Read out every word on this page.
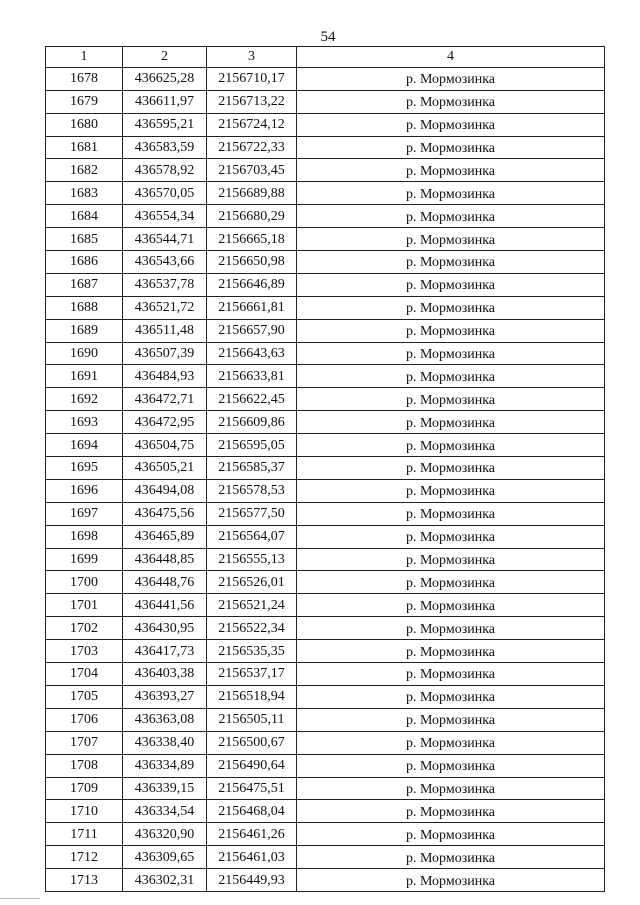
54
1	2	3	4
1678	436625,28	2156710,17	р. Мормозинка
1679	436611,97	2156713,22	р. Мормозинка
1680	436595,21	2156724,12	р. Мормозинка
1681	436583,59	2156722,33	р. Мормозинка
1682	436578,92	2156703,45	р. Мормозинка
1683	436570,05	2156689,88	р. Мормозинка
1684	436554,34	2156680,29	р. Мормозинка
1685	436544,71	2156665,18	р. Мормозинка
1686	436543,66	2156650,98	р. Мормозинка
1687	436537,78	2156646,89	р. Мормозинка
1688	436521,72	2156661,81	р. Мормозинка
1689	436511,48	2156657,90	р. Мормозинка
1690	436507,39	2156643,63	р. Мормозинка
1691	436484,93	2156633,81	р. Мормозинка
1692	436472,71	2156622,45	р. Мормозинка
1693	436472,95	2156609,86	р. Мормозинка
1694	436504,75	2156595,05	р. Мормозинка
1695	436505,21	2156585,37	р. Мормозинка
1696	436494,08	2156578,53	р. Мормозинка
1697	436475,56	2156577,50	р. Мормозинка
1698	436465,89	2156564,07	р. Мормозинка
1699	436448,85	2156555,13	р. Мормозинка
1700	436448,76	2156526,01	р. Мормозинка
1701	436441,56	2156521,24	р. Мормозинка
1702	436430,95	2156522,34	р. Мормозинка
1703	436417,73	2156535,35	р. Мормозинка
1704	436403,38	2156537,17	р. Мормозинка
1705	436393,27	2156518,94	р. Мормозинка
1706	436363,08	2156505,11	р. Мормозинка
1707	436338,40	2156500,67	р. Мормозинка
1708	436334,89	2156490,64	р. Мормозинка
1709	436339,15	2156475,51	р. Мормозинка
1710	436334,54	2156468,04	р. Мормозинка
1711	436320,90	2156461,26	р. Мормозинка
1712	436309,65	2156461,03	р. Мормозинка
1713	436302,31	2156449,93	р. Мормозинка
